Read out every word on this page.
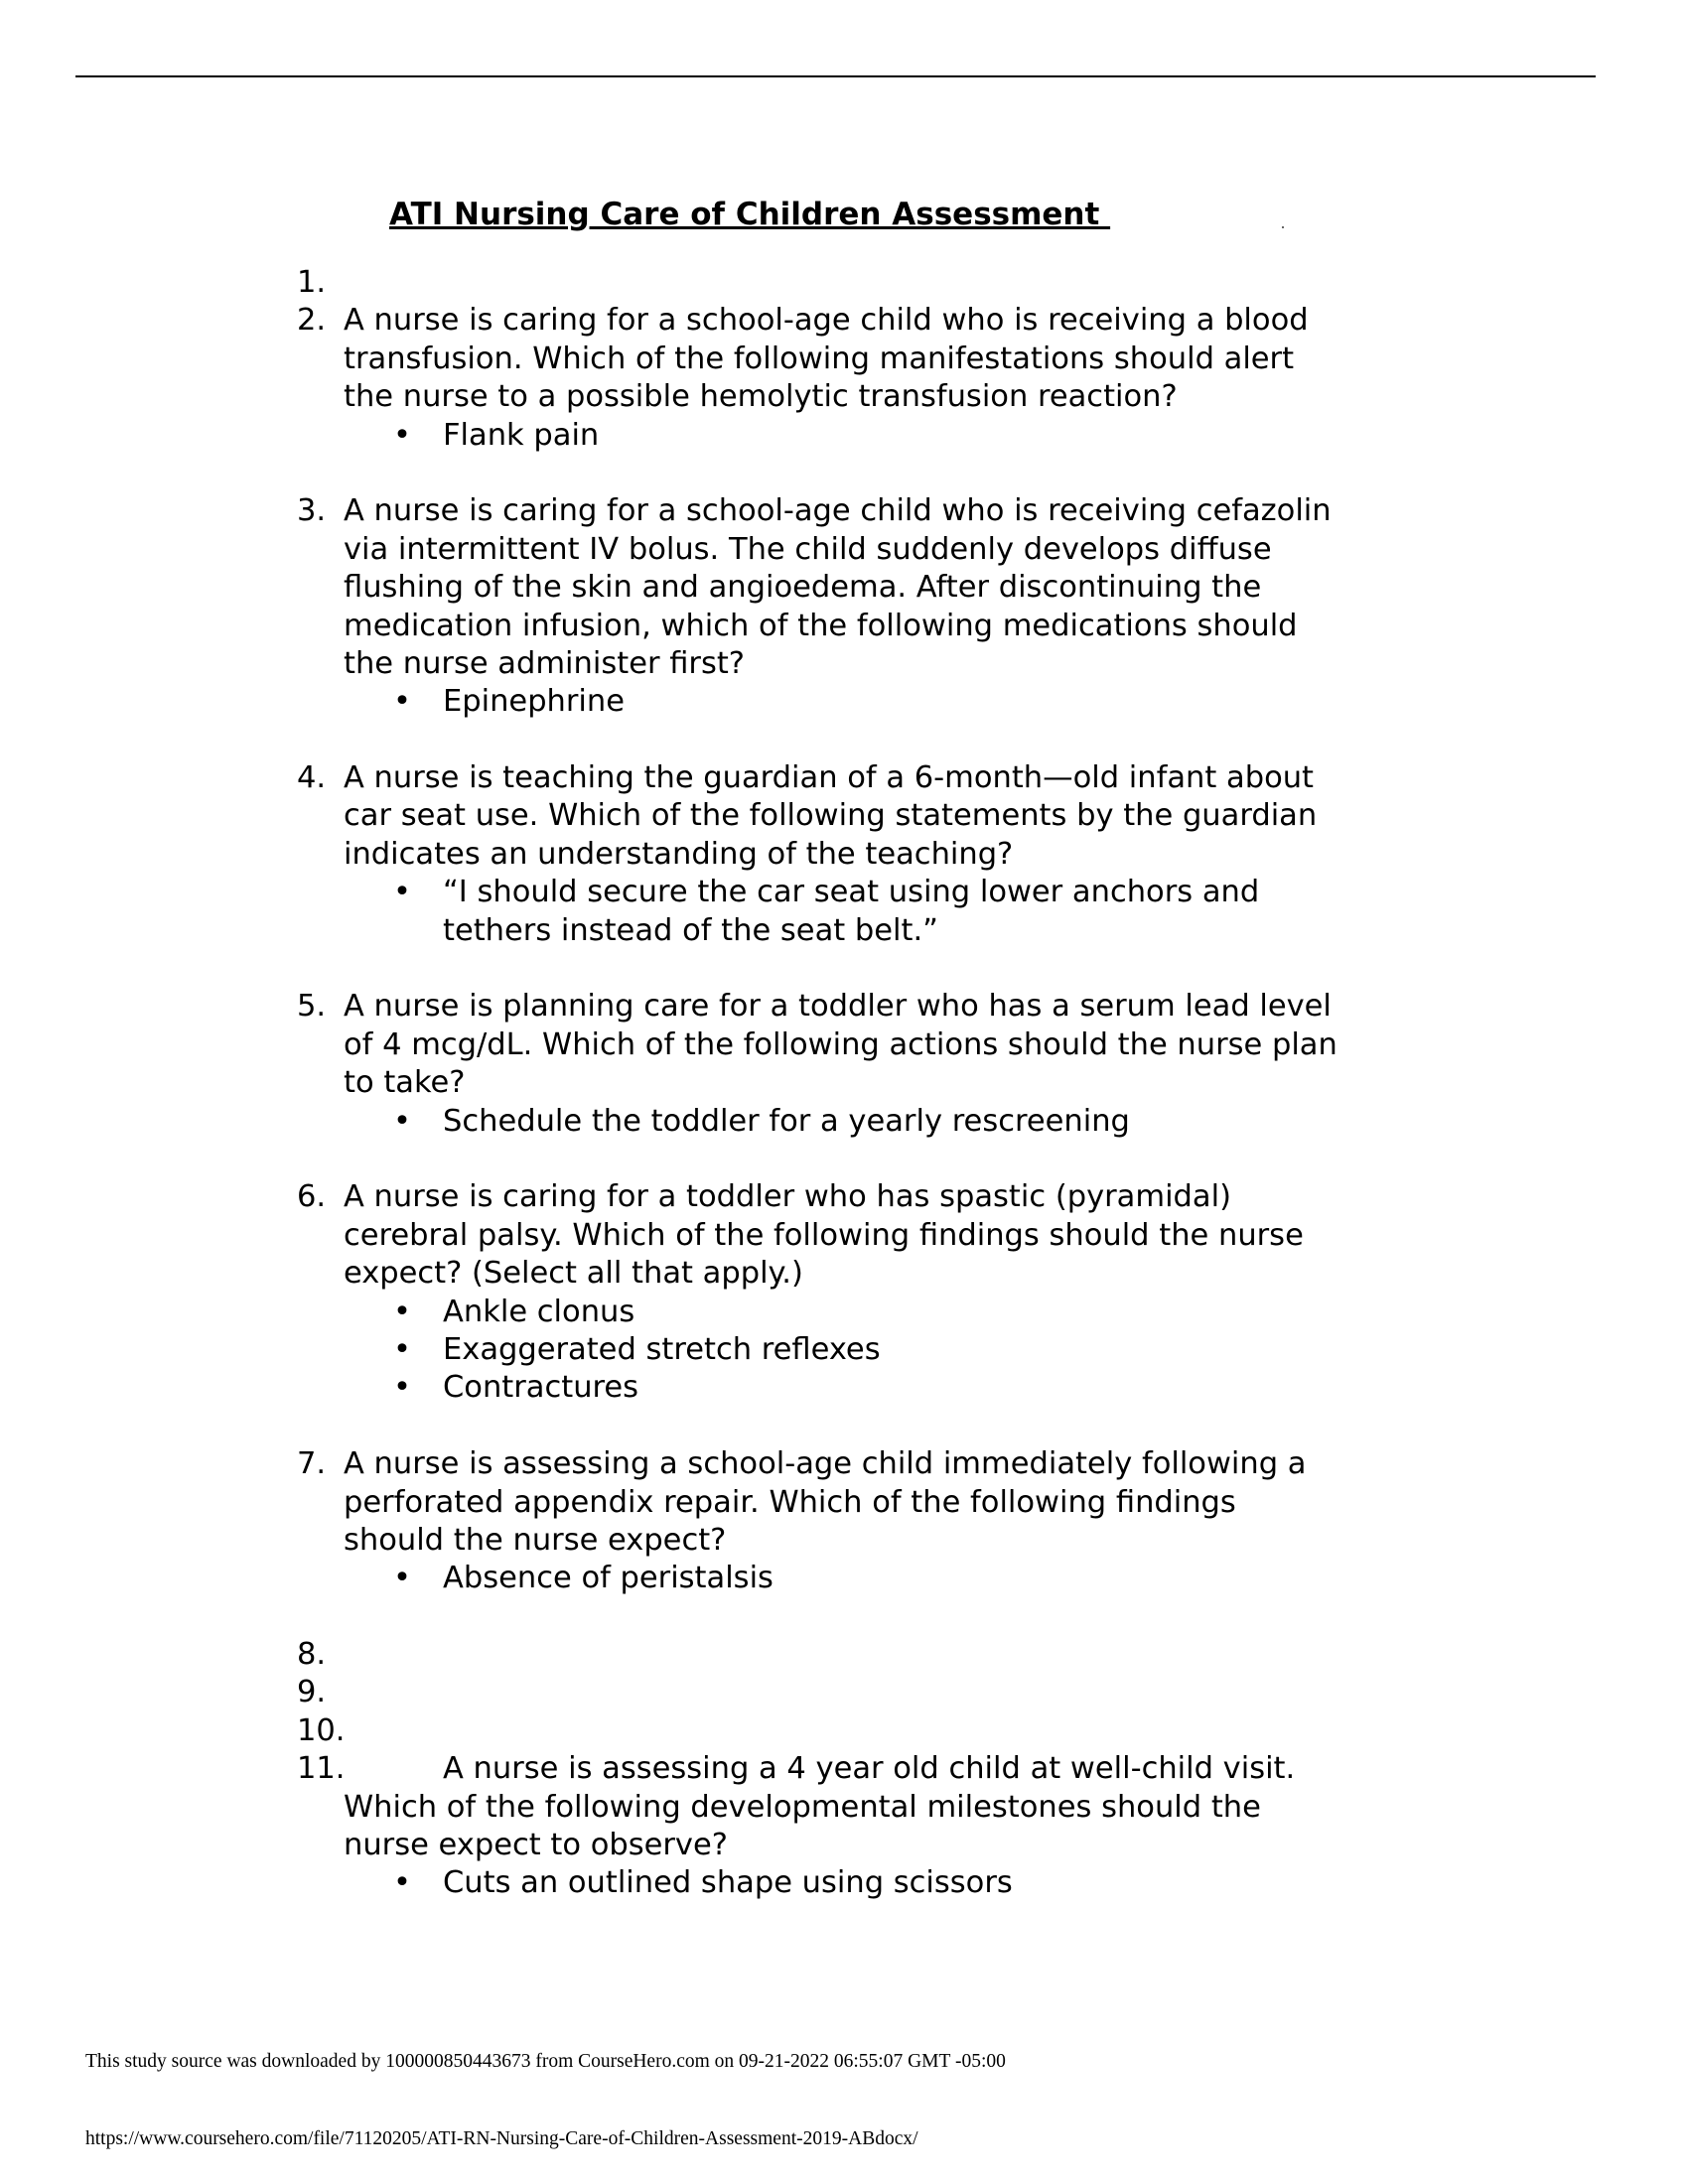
ATI Nursing Care of Children Assessment
1.
2. A nurse is caring for a school-age child who is receiving a blood
transfusion. Which of the following manifestations should alert
the nurse to a possible hemolytic transfusion reaction?
• Flank pain
3. A nurse is caring for a school-age child who is receiving cefazolin
via intermittent IV bolus. The child suddenly develops diffuse
flushing of the skin and angioedema. After discontinuing the
medication infusion, which of the following medications should
the nurse administer first?
• Epinephrine
4. A nurse is teaching the guardian of a 6-month—old infant about
car seat use. Which of the following statements by the guardian
indicates an understanding of the teaching?
• “I should secure the car seat using lower anchors and
tethers instead of the seat belt.”
5. A nurse is planning care for a toddler who has a serum lead level
of 4 mcg/dL. Which of the following actions should the nurse plan
to take?
• Schedule the toddler for a yearly rescreening
6. A nurse is caring for a toddler who has spastic (pyramidal)
cerebral palsy. Which of the following findings should the nurse
expect? (Select all that apply.)
• Ankle clonus
• Exaggerated stretch reflexes
• Contractures
7. A nurse is assessing a school-age child immediately following a
perforated appendix repair. Which of the following findings
should the nurse expect?
• Absence of peristalsis
8.
9.
10.
11.	A nurse is assessing a 4 year old child at well-child visit.
Which of the following developmental milestones should the
nurse expect to observe?
• Cuts an outlined shape using scissors
This study source was downloaded by 100000850443673 from CourseHero.com on 09-21-2022 06:55:07 GMT -05:00
https://www.coursehero.com/file/71120205/ATI-RN-Nursing-Care-of-Children-Assessment-2019-ABdocx/
